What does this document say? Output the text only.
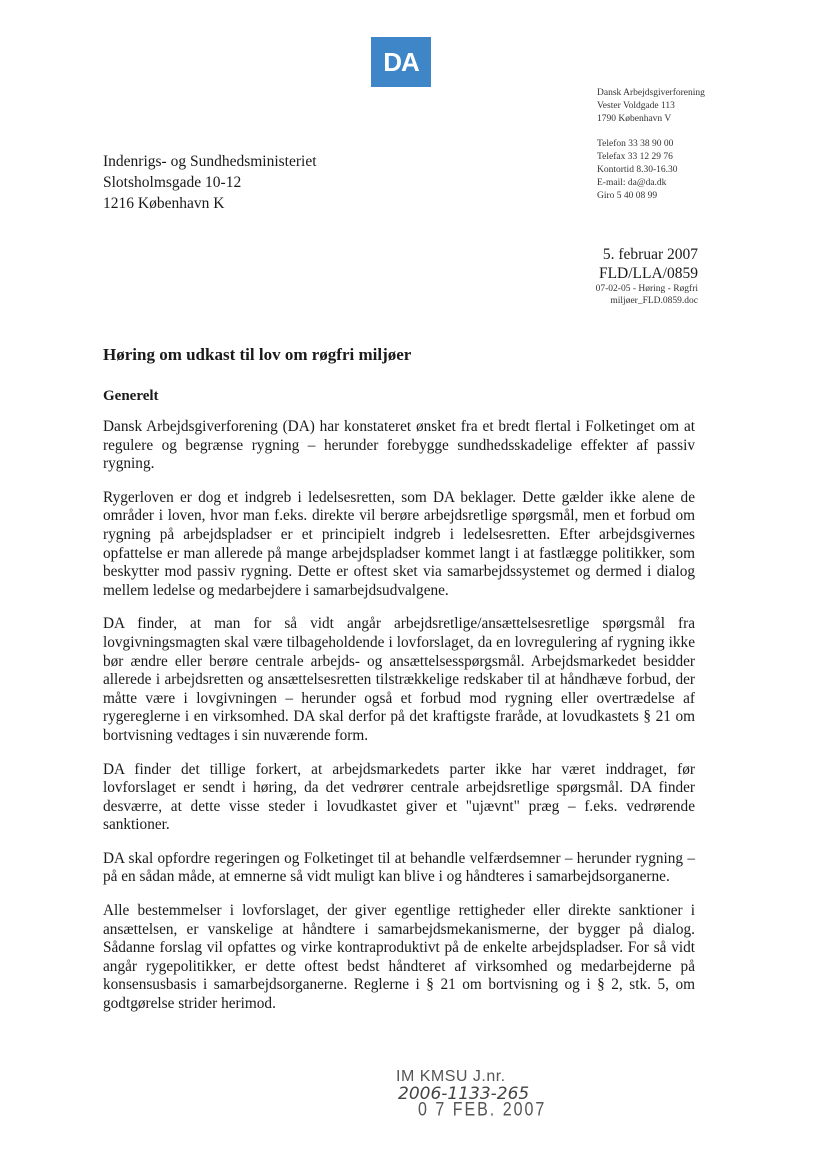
DA
Dansk Arbejdsgiverforening
Vester Voldgade 113
1790 København V
Telefon 33 38 90 00
Telefax 33 12 29 76
Kontortid 8.30-16.30
E-mail: da@da.dk
Giro 5 40 08 99
Indenrigs- og Sundhedsministeriet
Slotsholmsgade 10-12
1216 København K
5. februar 2007
FLD/LLA/0859
07-02-05 - Høring - Røgfri
miljøer_FLD.0859.doc
Høring om udkast til lov om røgfri miljøer
Generelt

Dansk Arbejdsgiverforening (DA) har konstateret ønsket fra et bredt flertal i Folketinget om at regulere og begrænse rygning – herunder forebygge sundhedsskadelige effekter af passiv rygning.

Rygerloven er dog et indgreb i ledelsesretten, som DA beklager. Dette gælder ikke alene de områder i loven, hvor man f.eks. direkte vil berøre arbejdsretlige spørgsmål, men et forbud om rygning på arbejdspladser er et principielt indgreb i ledelsesretten. Efter arbejdsgivernes opfattelse er man allerede på mange arbejdspladser kommet langt i at fastlægge politikker, som beskytter mod passiv rygning. Dette er oftest sket via samarbejdssystemet og dermed i dialog mellem ledelse og medarbejdere i samarbejdsudvalgene.

DA finder, at man for så vidt angår arbejdsretlige/ansættelsesretlige spørgsmål fra lovgivningsmagten skal være tilbageholdende i lovforslaget, da en lovregulering af rygning ikke bør ændre eller berøre centrale arbejds- og ansættelsesspørgsmål. Arbejdsmarkedet besidder allerede i arbejdsretten og ansættelsesretten tilstrækkelige redskaber til at håndhæve forbud, der måtte være i lovgivningen – herunder også et forbud mod rygning eller overtrædelse af rygereglerne i en virksomhed. DA skal derfor på det kraftigste fraråde, at lovudkastets § 21 om bortvisning vedtages i sin nuværende form.

DA finder det tillige forkert, at arbejdsmarkedets parter ikke har været inddraget, før lovforslaget er sendt i høring, da det vedrører centrale arbejdsretlige spørgsmål. DA finder desværre, at dette visse steder i lovudkastet giver et "ujævnt" præg – f.eks. vedrørende sanktioner.

DA skal opfordre regeringen og Folketinget til at behandle velfærdsemner – herunder rygning – på en sådan måde, at emnerne så vidt muligt kan blive i og håndteres i samarbejdsorganerne.

Alle bestemmelser i lovforslaget, der giver egentlige rettigheder eller direkte sanktioner i ansættelsen, er vanskelige at håndtere i samarbejdsmekanismerne, der bygger på dialog. Sådanne forslag vil opfattes og virke kontraproduktivt på de enkelte arbejdspladser. For så vidt angår rygepolitikker, er dette oftest bedst håndteret af virksomhed og medarbejderne på konsensusbasis i samarbejdsorganerne. Reglerne i § 21 om bortvisning og i § 2, stk. 5, om godtgørelse strider herimod.

IM KMSU J.nr.
2006-1133-265
0 7 FEB. 2007
